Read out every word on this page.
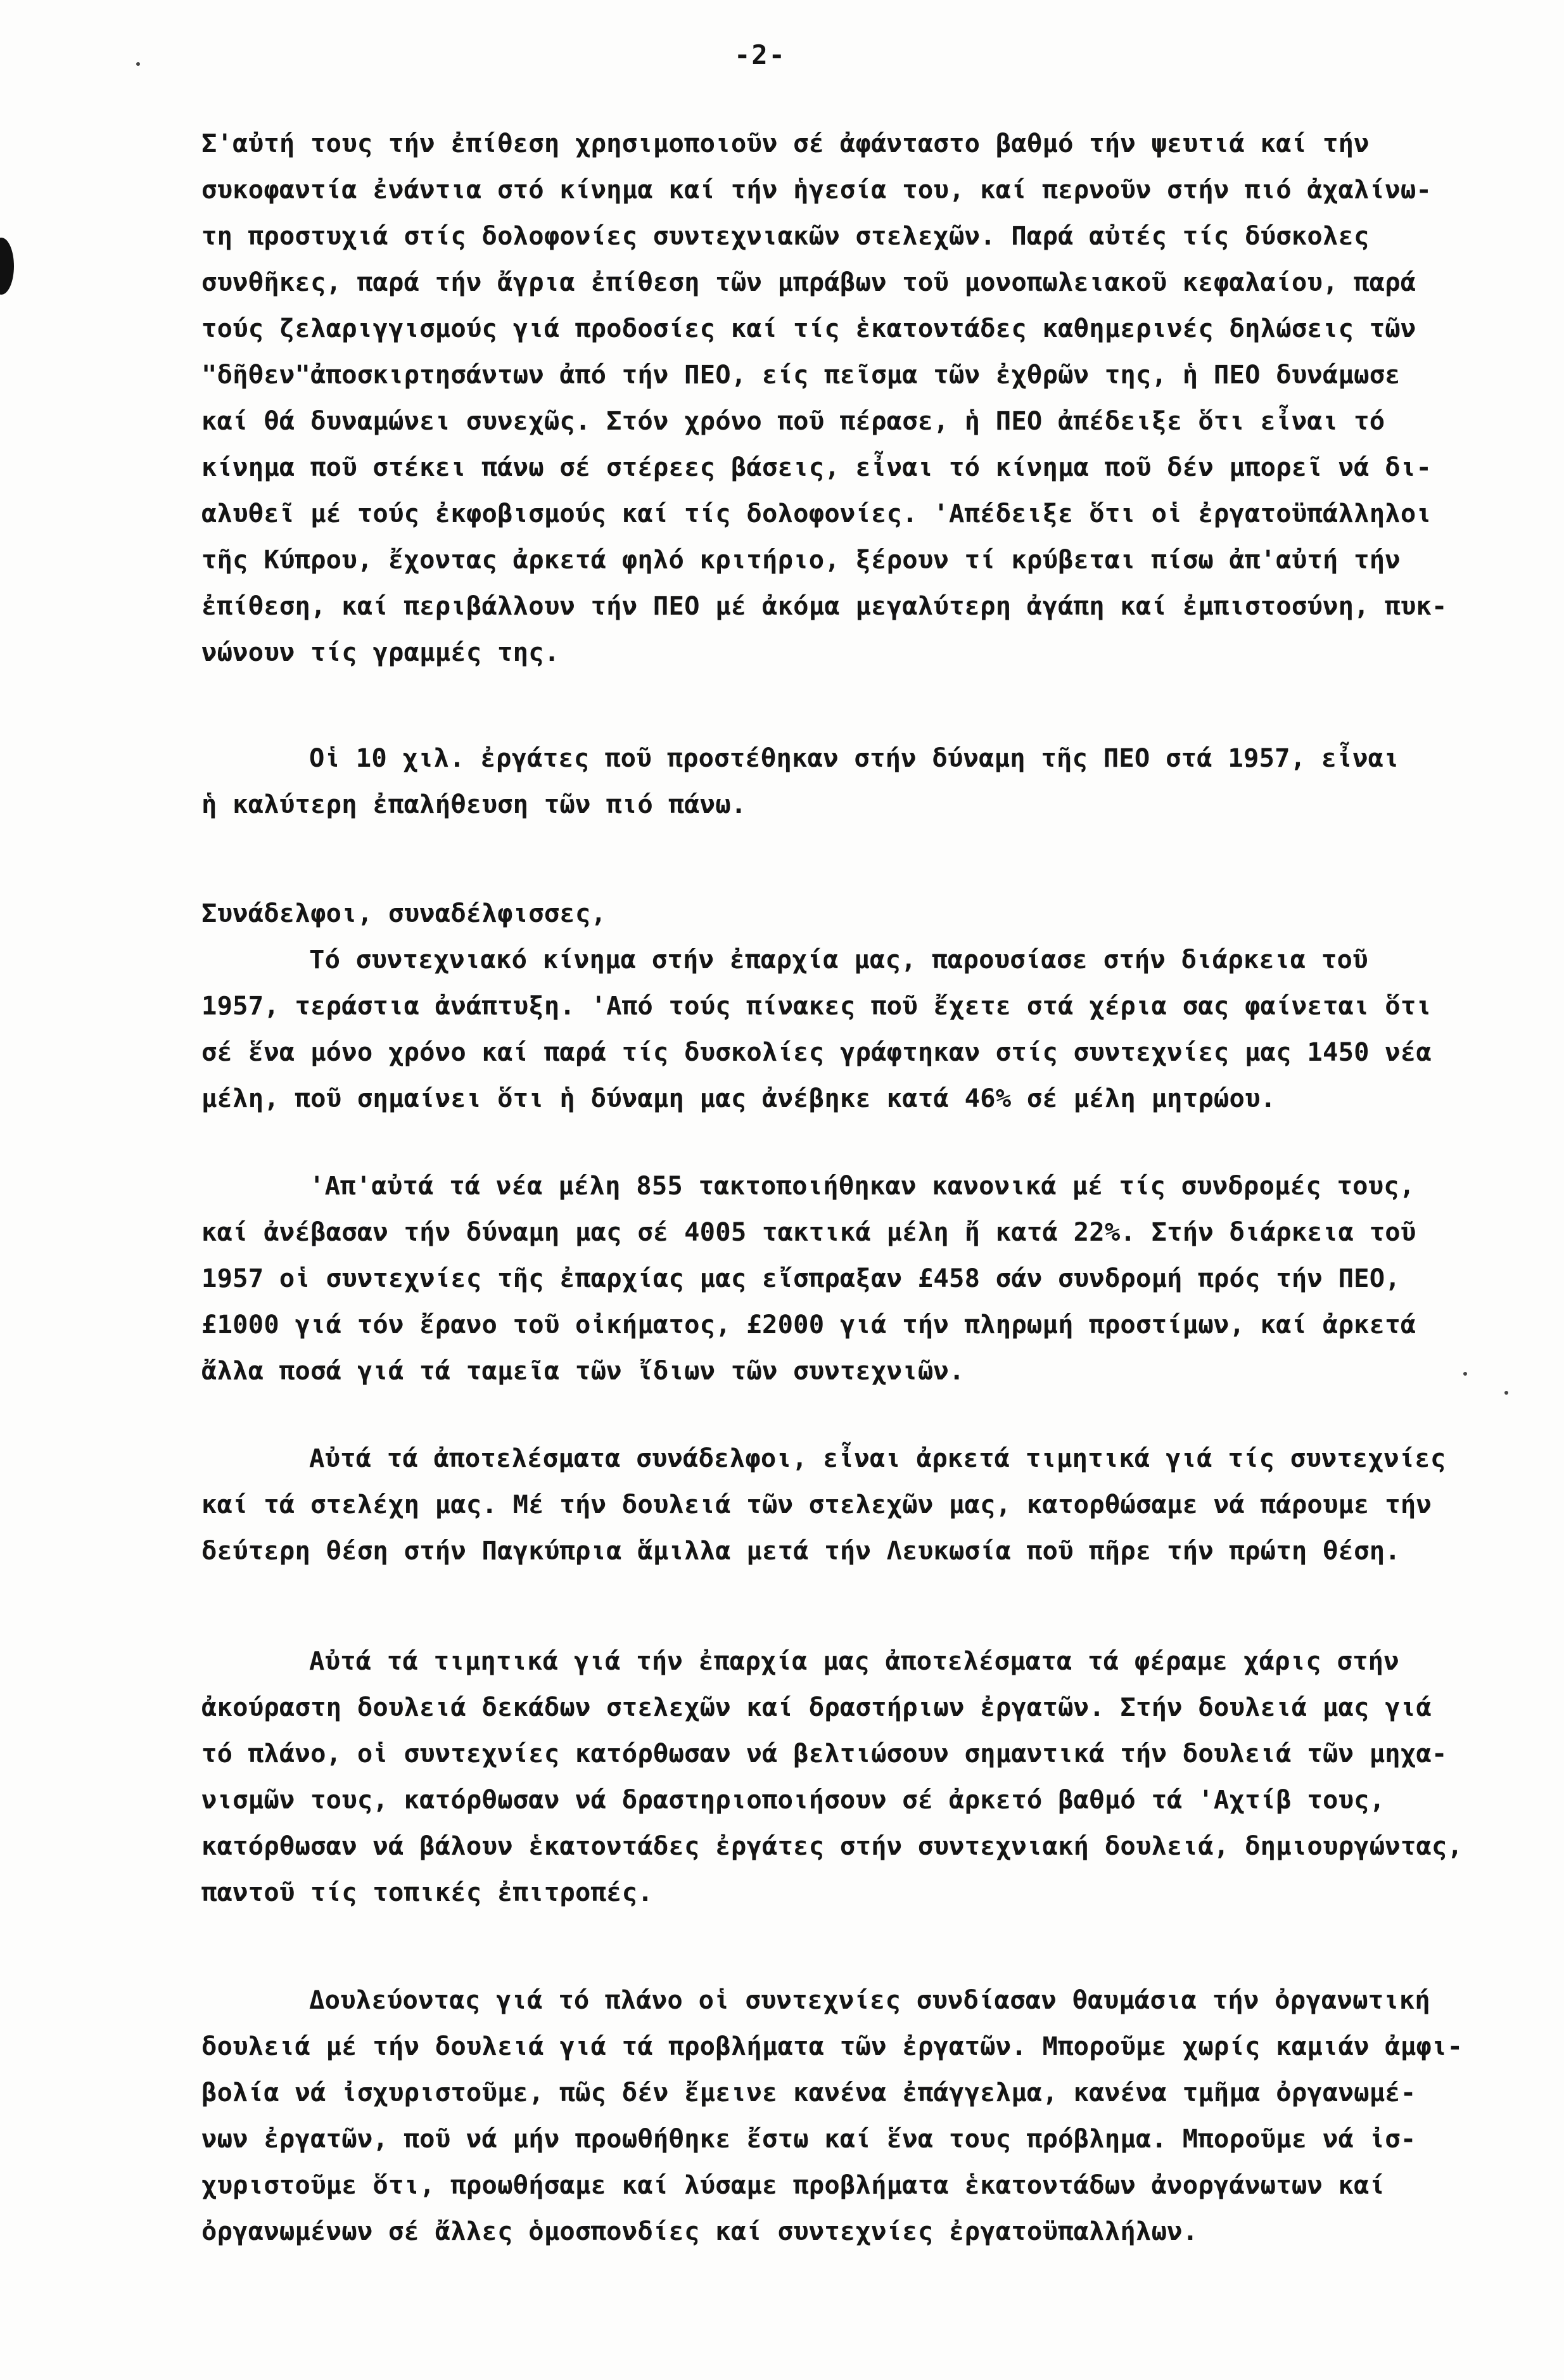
-2-
Σ'αὐτή τους τήν ἐπίθεση χρησιμοποιοῦν σέ ἀφάνταστο βαθμό τήν ψευτιά καί τήν
συκοφαντία ἐνάντια στό κίνημα καί τήν ἡγεσία του, καί περνοῦν στήν πιό ἀχαλίνω-
τη προστυχιά στίς δολοφονίες συντεχνιακῶν στελεχῶν. Παρά αὐτές τίς δύσκολες
συνθῆκες, παρά τήν ἄγρια ἐπίθεση τῶν μπράβων τοῦ μονοπωλειακοῦ κεφαλαίου, παρά
τούς ζελαριγγισμούς γιά προδοσίες καί τίς ἑκατοντάδες καθημερινές δηλώσεις τῶν
"δῆθεν"ἀποσκιρτησάντων ἀπό τήν ΠΕΟ, είς πεῖσμα τῶν ἐχθρῶν της, ἡ ΠΕΟ δυνάμωσε
καί θά δυναμώνει συνεχῶς. Στόν χρόνο ποῦ πέρασε, ἡ ΠΕΟ ἀπέδειξε ὅτι εἶναι τό
κίνημα ποῦ στέκει πάνω σέ στέρεες βάσεις, εἶναι τό κίνημα ποῦ δέν μπορεῖ νά δι-
αλυθεῖ μέ τούς ἐκφοβισμούς καί τίς δολοφονίες. 'Απέδειξε ὅτι οἱ ἐργατοϋπάλληλοι
τῆς Κύπρου, ἔχοντας ἀρκετά φηλό κριτήριο, ξέρουν τί κρύβεται πίσω ἀπ'αὐτή τήν
ἐπίθεση, καί περιβάλλουν τήν ΠΕΟ μέ ἀκόμα μεγαλύτερη ἀγάπη καί ἐμπιστοσύνη, πυκ-
νώνουν τίς γραμμές της.
Οἱ 10 χιλ. ἐργάτες ποῦ προστέθηκαν στήν δύναμη τῆς ΠΕΟ στά 1957, εἶναι
ἡ καλύτερη ἐπαλήθευση τῶν πιό πάνω.
Συνάδελφοι, συναδέλφισσες,
Τό συντεχνιακό κίνημα στήν ἐπαρχία μας, παρουσίασε στήν διάρκεια τοῦ
1957, τεράστια ἀνάπτυξη. 'Από τούς πίνακες ποῦ ἔχετε στά χέρια σας φαίνεται ὅτι
σέ ἕνα μόνο χρόνο καί παρά τίς δυσκολίες γράφτηκαν στίς συντεχνίες μας 1450 νέα
μέλη, ποῦ σημαίνει ὅτι ἡ δύναμη μας ἀνέβηκε κατά 46% σέ μέλη μητρώου.
'Απ'αὐτά τά νέα μέλη 855 τακτοποιήθηκαν κανονικά μέ τίς συνδρομές τους,
καί ἀνέβασαν τήν δύναμη μας σέ 4005 τακτικά μέλη ἤ κατά 22%. Στήν διάρκεια τοῦ
1957 οἱ συντεχνίες τῆς ἐπαρχίας μας εἴσπραξαν £458 σάν συνδρομή πρός τήν ΠΕΟ,
£1000 γιά τόν ἔρανο τοῦ οἰκήματος, £2000 γιά τήν πληρωμή προστίμων, καί ἀρκετά
ἄλλα ποσά γιά τά ταμεῖα τῶν ἴδιων τῶν συντεχνιῶν.
Αὐτά τά ἀποτελέσματα συνάδελφοι, εἶναι ἀρκετά τιμητικά γιά τίς συντεχνίες
καί τά στελέχη μας. Μέ τήν δουλειά τῶν στελεχῶν μας, κατορθώσαμε νά πάρουμε τήν
δεύτερη θέση στήν Παγκύπρια ἅμιλλα μετά τήν Λευκωσία ποῦ πῆρε τήν πρώτη θέση.
Αὐτά τά τιμητικά γιά τήν ἐπαρχία μας ἀποτελέσματα τά φέραμε χάρις στήν
ἀκούραστη δουλειά δεκάδων στελεχῶν καί δραστήριων ἐργατῶν. Στήν δουλειά μας γιά
τό πλάνο, οἱ συντεχνίες κατόρθωσαν νά βελτιώσουν σημαντικά τήν δουλειά τῶν μηχα-
νισμῶν τους, κατόρθωσαν νά δραστηριοποιήσουν σέ ἀρκετό βαθμό τά 'Αχτίβ τους,
κατόρθωσαν νά βάλουν ἑκατοντάδες ἐργάτες στήν συντεχνιακή δουλειά, δημιουργώντας,
παντοῦ τίς τοπικές ἐπιτροπές.
Δουλεύοντας γιά τό πλάνο οἱ συντεχνίες συνδίασαν θαυμάσια τήν ὀργανωτική
δουλειά μέ τήν δουλειά γιά τά προβλήματα τῶν ἐργατῶν. Μποροῦμε χωρίς καμιάν ἀμφι-
βολία νά ἰσχυριστοῦμε, πῶς δέν ἔμεινε κανένα ἐπάγγελμα, κανένα τμῆμα ὀργανωμέ-
νων ἐργατῶν, ποῦ νά μήν προωθήθηκε ἔστω καί ἕνα τους πρόβλημα. Μποροῦμε νά ἰσ-
χυριστοῦμε ὅτι, προωθήσαμε καί λύσαμε προβλήματα ἑκατοντάδων ἀνοργάνωτων καί
ὀργανωμένων σέ ἄλλες ὁμοσπονδίες καί συντεχνίες ἐργατοϋπαλλήλων.
